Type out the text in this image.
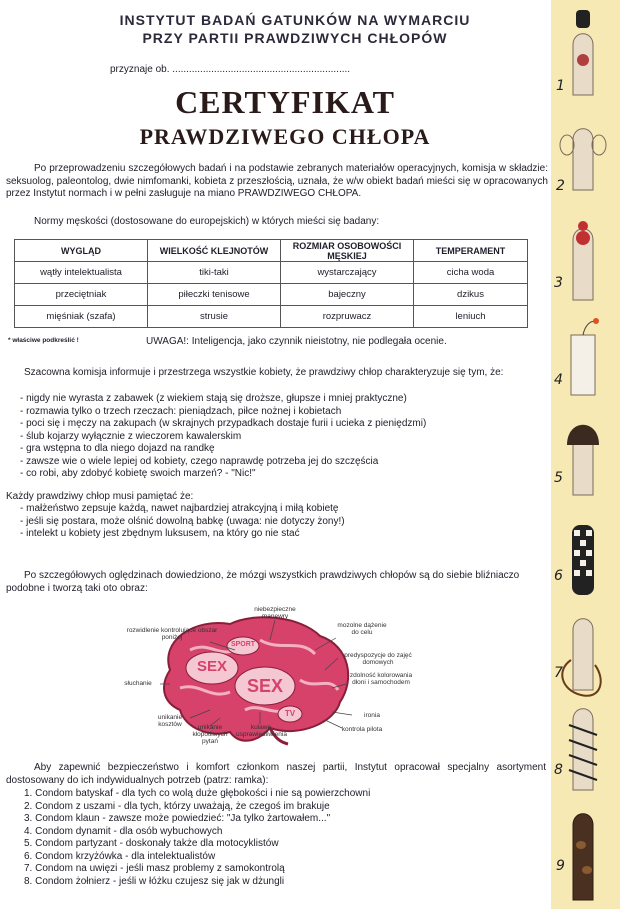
INSTYTUT BADAŃ GATUNKÓW NA WYMARCIU
PRZY PARTII PRAWDZIWYCH CHŁOPÓW
przyznaje ob. ................................................................
CERTYFIKAT
PRAWDZIWEGO CHŁOPA
Po przeprowadzeniu szczegółowych badań i na podstawie zebranych materiałów operacyjnych, komisja w składzie: seksuolog, paleontolog, dwie nimfomanki, kobieta z przeszłością, uznała, że w/w obiekt badań mieści się w opracowanych przez Instytut normach i w pełni zasługuje na miano PRAWDZIWEGO CHŁOPA.
Normy męskości (dostosowane do europejskich) w których mieści się badany:
WYGLĄD	WIELKOŚĆ KLEJNOTÓW	ROZMIAR OSOBOWOŚCI MĘSKIEJ	TEMPERAMENT
wątły intelektualista	tiki-taki	wystarczający	cicha woda
przeciętniak	piłeczki tenisowe	bajeczny	dzikus
mięśniak (szafa)	strusie	rozpruwacz	leniuch
* właściwe podkreślić !	UWAGA!: Inteligencja, jako czynnik nieistotny, nie podlegała ocenie.
Szacowna komisja informuje i przestrzega wszystkie kobiety, że prawdziwy chłop charakteryzuje się tym, że:
- nigdy nie wyrasta z zabawek (z wiekiem stają się droższe, głupsze i mniej praktyczne)
- rozmawia tylko o trzech rzeczach: pieniądzach, piłce nożnej i kobietach
- poci się i męczy na zakupach (w skrajnych przypadkach dostaje furii i ucieka z pieniędzmi)
- ślub kojarzy wyłącznie z wieczorem kawalerskim
- gra wstępna to dla niego dojazd na randkę
- zawsze wie o wiele lepiej od kobiety, czego naprawdę potrzeba jej do szczęścia
- co robi, aby zdobyć kobietę swoich marzeń? - "Nic!"
Każdy prawdziwy chłop musi pamiętać że:
- małżeństwo zepsuje każdą, nawet najbardziej atrakcyjną i miłą kobietę
- jeśli się postara, może olśnić dowolną babkę (uwaga: nie dotyczy żony!)
- intelekt u kobiety jest zbędnym luksusem, na który go nie stać
Po szczegółowych oględzinach dowiedziono, że mózgi wszystkich prawdziwych chłopów są do siebie bliźniaczo podobne i tworzą taki oto obraz:
SEX
SEX
SPORT
TV
niebezpieczne manewry
rozwidlenie kontrolujące obszar poniżej
mozolne dążenie do celu
predyspozycje do zajęć domowych
słuchanie
zdolność kolorowania dłoni i samochodem
ironia
unikanie kosztów	unikanie kłopotliwych pytań
kulawe usprawiedliwienia
kontrola pilota
Aby zapewnić bezpieczeństwo i komfort członkom naszej partii, Instytut opracował specjalny asortyment dostosowany do ich indywidualnych potrzeb (patrz: ramka):
1. Condom batyskaf - dla tych co wolą duże głębokości i nie są powierzchowni
2. Condom z uszami - dla tych, którzy uważają, że czegoś im brakuje
3. Condom klaun - zawsze może powiedzieć: "Ja tylko żartowałem..."
4. Condom dynamit - dla osób wybuchowych
5. Condom partyzant - doskonały także dla motocyklistów
6. Condom krzyżówka - dla intelektualistów
7. Condom na uwięzi - jeśli masz problemy z samokontrolą
8. Condom żołnierz - jeśli w łóżku czujesz się jak w dżungli
1
2
3
4
5
6
7
8
9
